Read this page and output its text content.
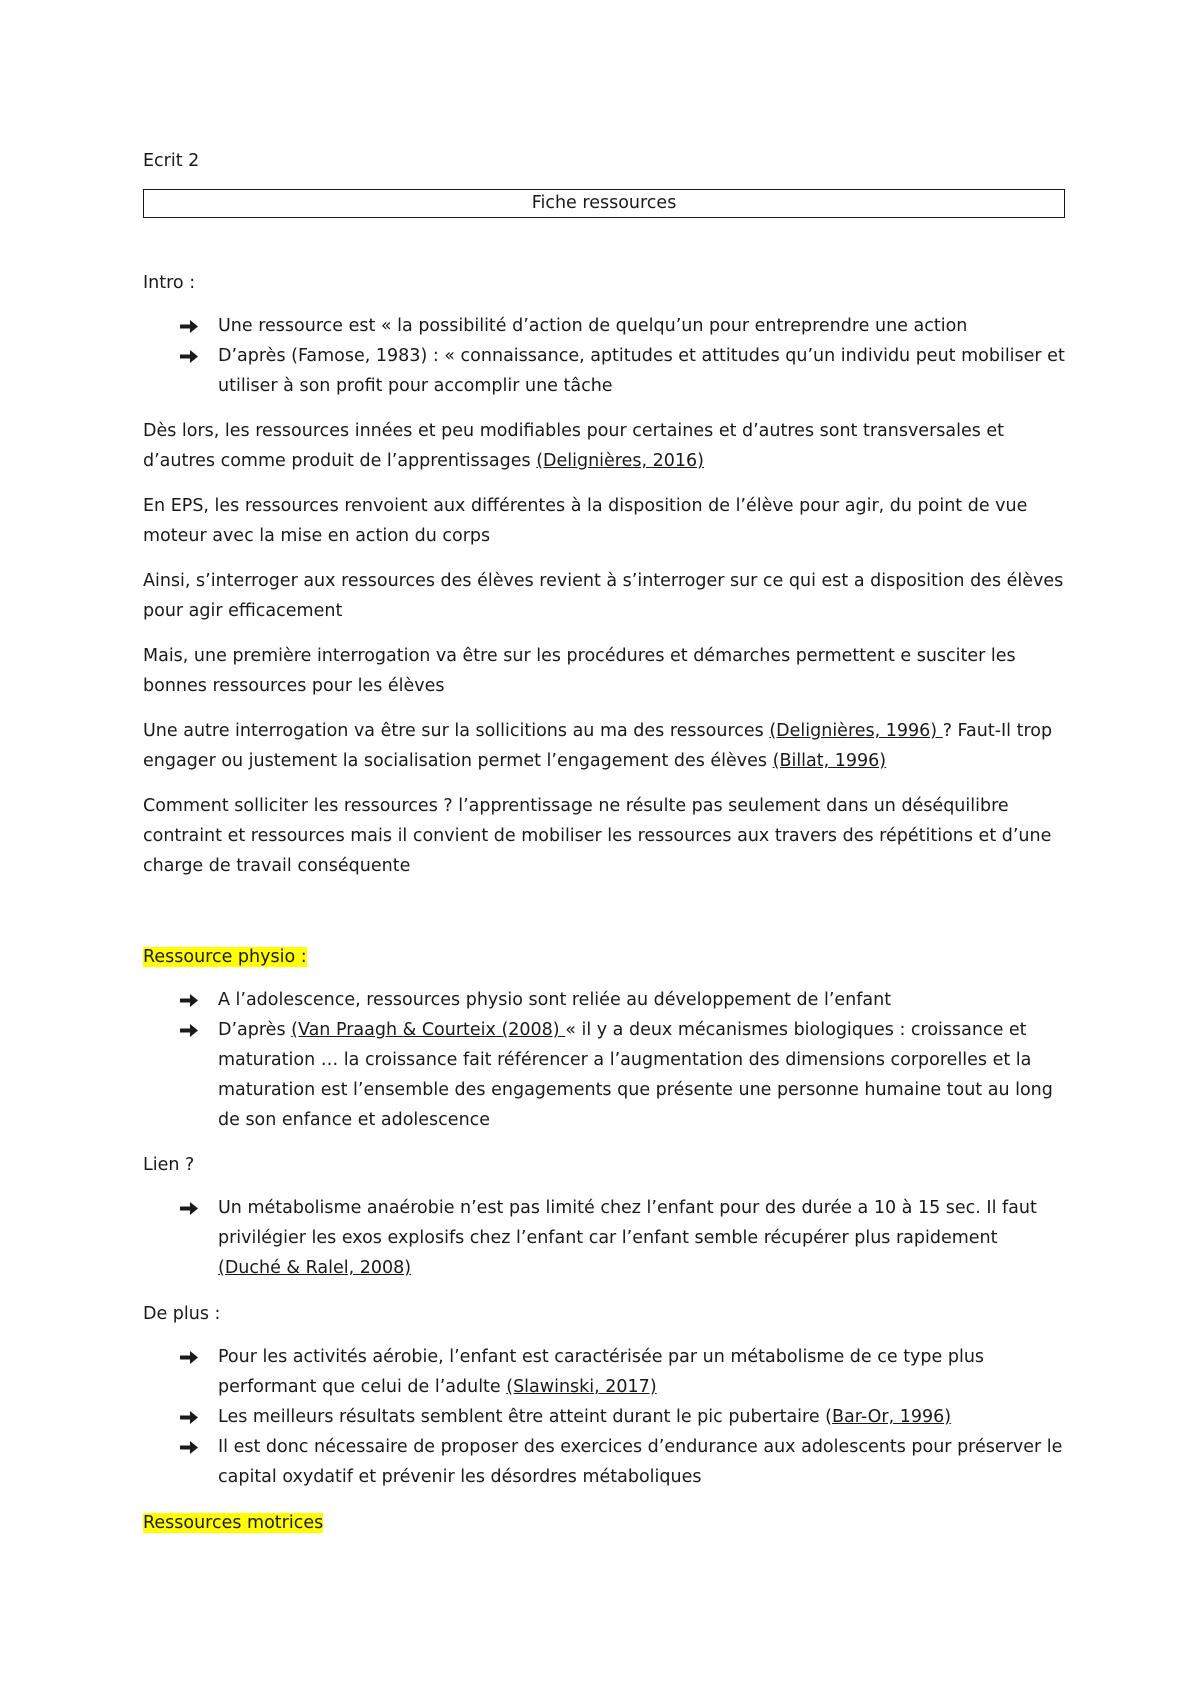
Ecrit 2
Fiche ressources
Intro :
Une ressource est « la possibilité d’action de quelqu’un pour entreprendre une action
D’après (Famose, 1983) : « connaissance, aptitudes et attitudes qu’un individu peut mobiliser et utiliser à son profit pour accomplir une tâche

Dès lors, les ressources innées et peu modifiables pour certaines et d’autres sont transversales et d’autres comme produit de l’apprentissages (Delignières, 2016)

En EPS, les ressources renvoient aux différentes à la disposition de l’élève pour agir, du point de vue moteur avec la mise en action du corps

Ainsi, s’interroger aux ressources des élèves revient à s’interroger sur ce qui est a disposition des élèves pour agir efficacement

Mais, une première interrogation va être sur les procédures et démarches permettent e susciter les bonnes ressources pour les élèves

Une autre interrogation va être sur la sollicitions au ma des ressources (Delignières, 1996) ? Faut-Il trop engager ou justement la socialisation permet l’engagement des élèves (Billat, 1996)

Comment solliciter les ressources ? l’apprentissage ne résulte pas seulement dans un déséquilibre contraint et ressources mais il convient de mobiliser les ressources aux travers des répétitions et d’une charge de travail conséquente

Ressource physio :
A l’adolescence, ressources physio sont reliée au développement de l’enfant
D’après (Van Praagh & Courteix (2008) « il y a deux mécanismes biologiques : croissance et maturation … la croissance fait référencer a l’augmentation des dimensions corporelles et la maturation est l’ensemble des engagements que présente une personne humaine tout au long de son enfance et adolescence
Lien ?
Un métabolisme anaérobie n’est pas limité chez l’enfant pour des durée a 10 à 15 sec. Il faut privilégier les exos explosifs chez l’enfant car l’enfant semble récupérer plus rapidement (Duché & Ralel, 2008)
De plus :
Pour les activités aérobie, l’enfant est caractérisée par un métabolisme de ce type plus performant que celui de l’adulte (Slawinski, 2017)
Les meilleurs résultats semblent être atteint durant le pic pubertaire (Bar-Or, 1996)
Il est donc nécessaire de proposer des exercices d’endurance aux adolescents pour préserver le capital oxydatif et prévenir les désordres métaboliques
Ressources motrices
